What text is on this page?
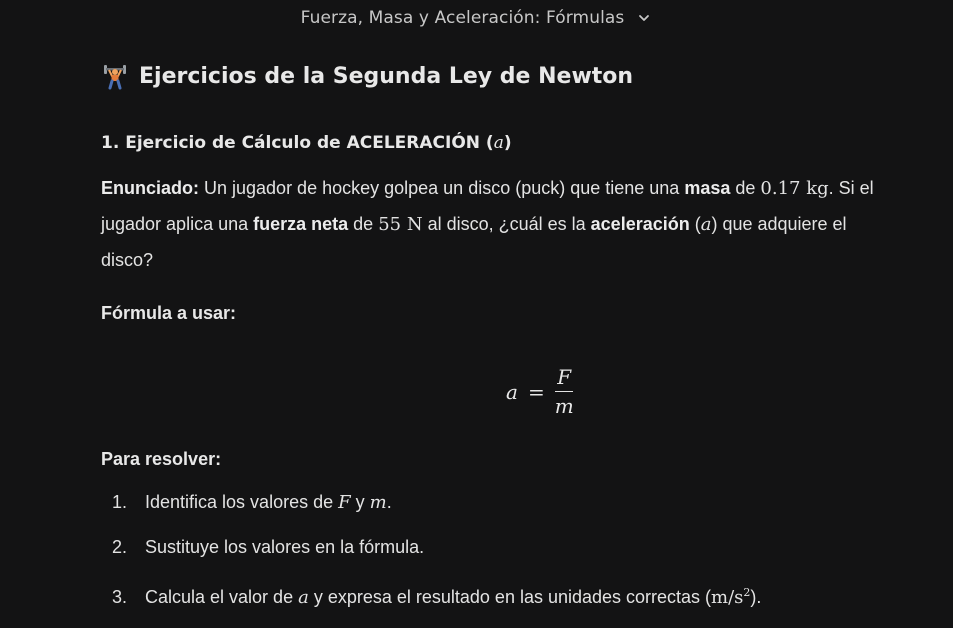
Fuerza, Masa y Aceleración: Fórmulas
Ejercicios de la Segunda Ley de Newton
1. Ejercicio de Cálculo de ACELERACIÓN (a)
Enunciado: Un jugador de hockey golpea un disco (puck) que tiene una masa de 0.17 kg. Si el
jugador aplica una fuerza neta de 55 N al disco, ¿cuál es la aceleración (a) que adquiere el
disco?
Fórmula a usar:
$a = \frac{F}{m}$
Para resolver:
1. Identifica los valores de F y m.
2. Sustituye los valores en la fórmula.
3. Calcula el valor de a y expresa el resultado en las unidades correctas $(m/s^2)$.
